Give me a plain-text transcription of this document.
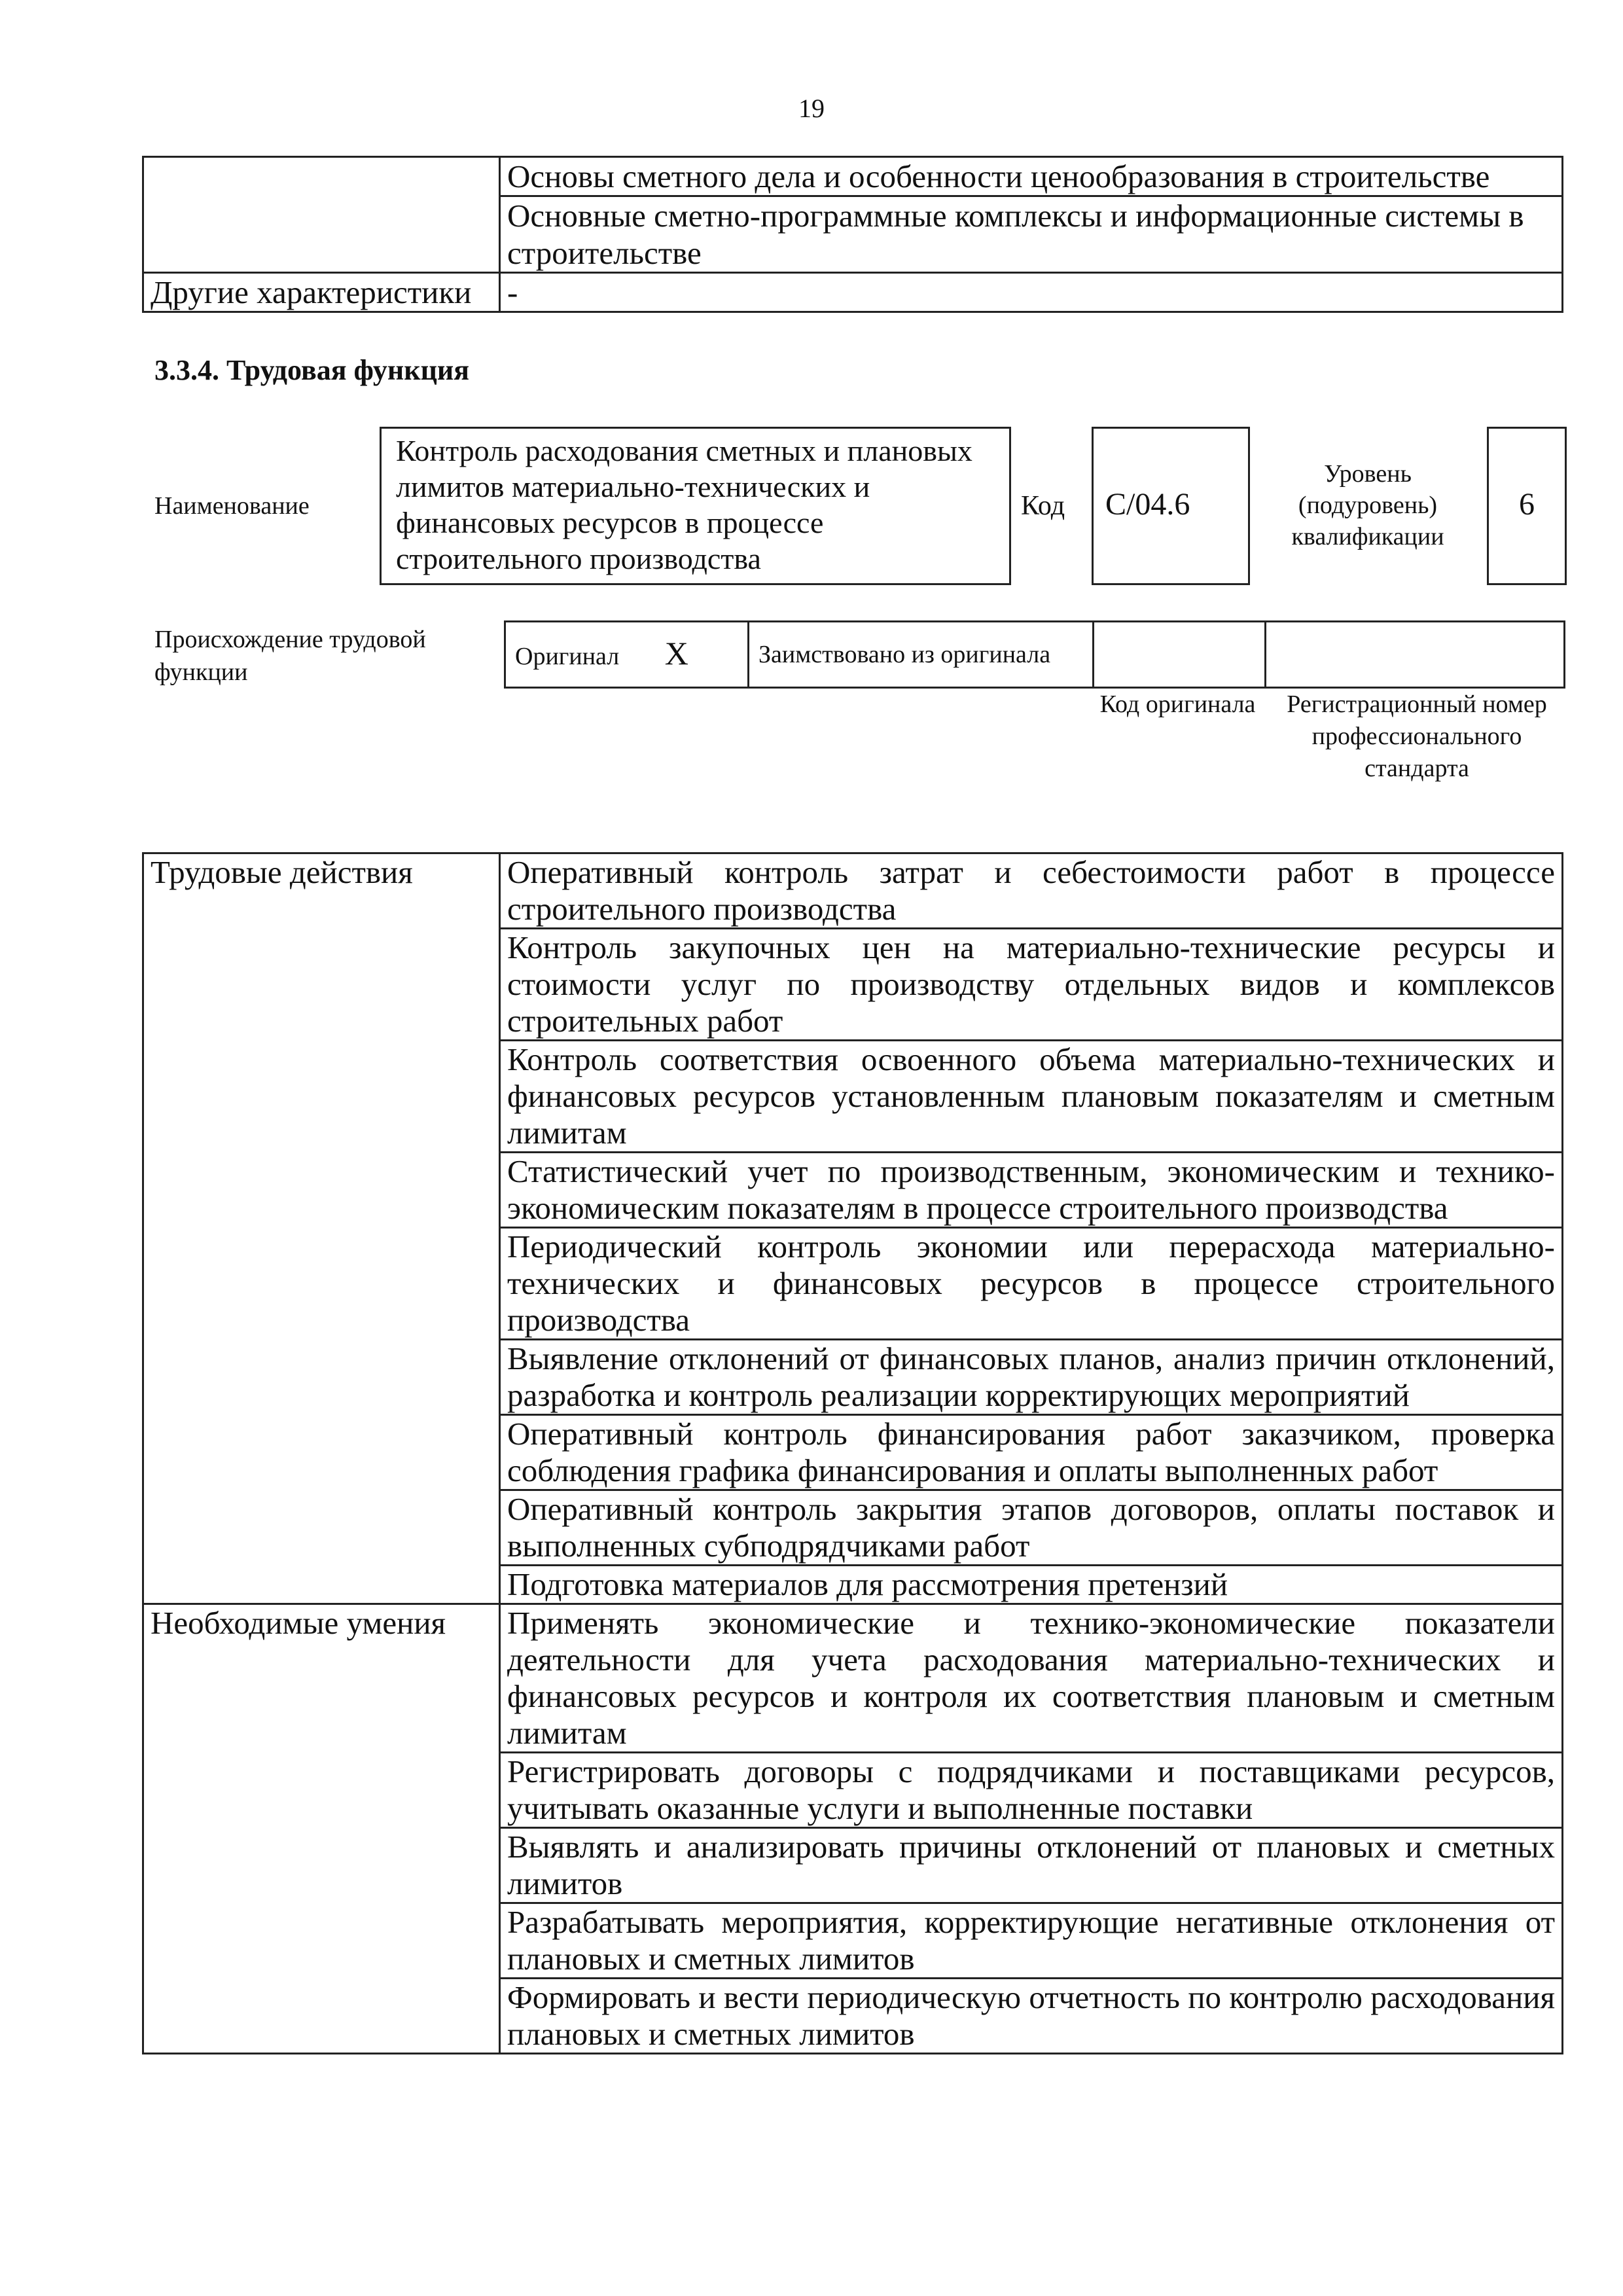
19
	Основы сметного дела и особенности ценообразования в строительстве
	Основные сметно-программные комплексы и информационные системы в строительстве
Другие характеристики	-
3.3.4. Трудовая функция
Наименование
Контроль расходования сметных и плановых лимитов материально-технических и финансовых ресурсов в процессе строительного производства
Код	C/04.6
Уровень (подуровень) квалификации
6
Происхождение трудовой функции
Оригинал X	Заимствовано из оригинала		
Код оригинала	Регистрационный номер профессионального стандарта
Трудовые действия	Оперативный контроль затрат и себестоимости работ в процессе строительного производства
	Контроль закупочных цен на материально-технические ресурсы и стоимости услуг по производству отдельных видов и комплексов строительных работ
	Контроль соответствия освоенного объема материально-технических и финансовых ресурсов установленным плановым показателям и сметным лимитам
	Статистический учет по производственным, экономическим и технико-экономическим показателям в процессе строительного производства
	Периодический контроль экономии или перерасхода материально-технических и финансовых ресурсов в процессе строительного производства
	Выявление отклонений от финансовых планов, анализ причин отклонений, разработка и контроль реализации корректирующих мероприятий
	Оперативный контроль финансирования работ заказчиком, проверка соблюдения графика финансирования и оплаты выполненных работ
	Оперативный контроль закрытия этапов договоров, оплаты поставок и выполненных субподрядчиками работ
	Подготовка материалов для рассмотрения претензий
Необходимые умения	Применять экономические и технико-экономические показатели деятельности для учета расходования материально-технических и финансовых ресурсов и контроля их соответствия плановым и сметным лимитам
	Регистрировать договоры с подрядчиками и поставщиками ресурсов, учитывать оказанные услуги и выполненные поставки
	Выявлять и анализировать причины отклонений от плановых и сметных лимитов
	Разрабатывать мероприятия, корректирующие негативные отклонения от плановых и сметных лимитов
	Формировать и вести периодическую отчетность по контролю расходования плановых и сметных лимитов
